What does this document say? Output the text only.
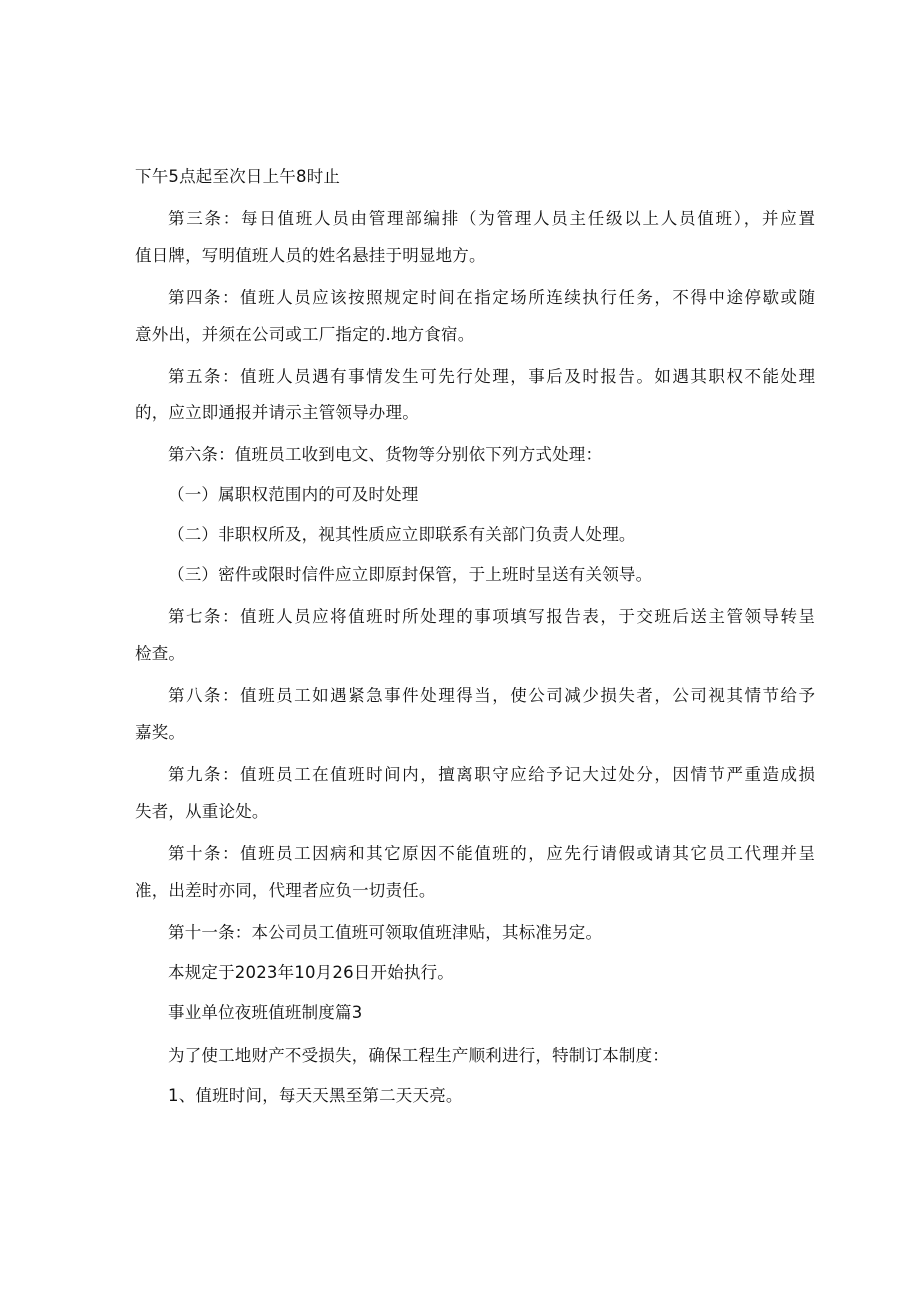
下午5点起至次日上午8时止
第三条：每日值班人员由管理部编排（为管理人员主任级以上人员值班），并应置
值日牌，写明值班人员的姓名悬挂于明显地方。
第四条：值班人员应该按照规定时间在指定场所连续执行任务，不得中途停歇或随
意外出，并须在公司或工厂指定的.地方食宿。
第五条：值班人员遇有事情发生可先行处理，事后及时报告。如遇其职权不能处理
的，应立即通报并请示主管领导办理。
第六条：值班员工收到电文、货物等分别依下列方式处理：
（一）属职权范围内的可及时处理
（二）非职权所及，视其性质应立即联系有关部门负责人处理。
（三）密件或限时信件应立即原封保管，于上班时呈送有关领导。
第七条：值班人员应将值班时所处理的事项填写报告表，于交班后送主管领导转呈
检查。
第八条：值班员工如遇紧急事件处理得当，使公司减少损失者，公司视其情节给予
嘉奖。
第九条：值班员工在值班时间内，擅离职守应给予记大过处分，因情节严重造成损
失者，从重论处。
第十条：值班员工因病和其它原因不能值班的，应先行请假或请其它员工代理并呈
准，出差时亦同，代理者应负一切责任。
第十一条：本公司员工值班可领取值班津贴，其标准另定。
本规定于2023年10月26日开始执行。
事业单位夜班值班制度篇3
为了使工地财产不受损失，确保工程生产顺利进行，特制订本制度：
1、值班时间，每天天黑至第二天天亮。
